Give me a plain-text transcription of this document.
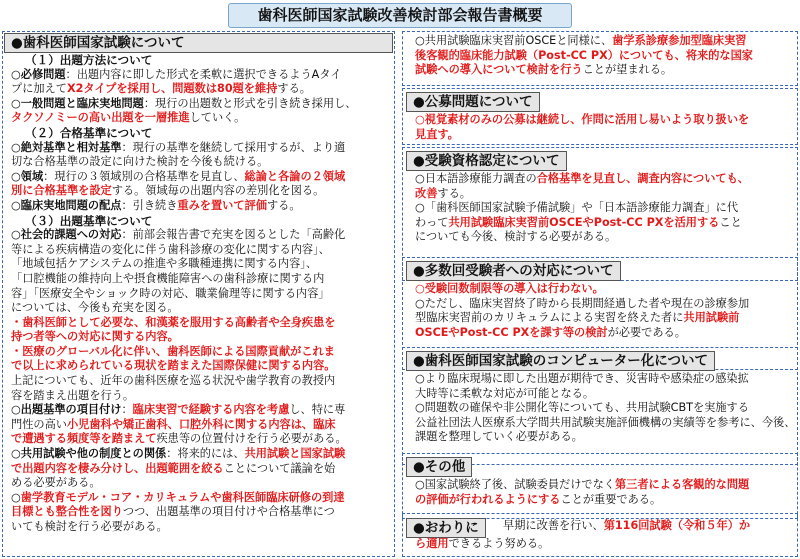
歯科医師国家試験改善検討部会報告書概要
●歯科医師国家試験について
（１）出題方法について
○必修問題：出題内容に即した形式を柔軟に選択できるようAタイ
プに加えてX2タイプを採用し、問題数は80題を維持する。
○一般問題と臨床実地問題：現行の出題数と形式を引き続き採用し、
タクソノミーの高い出題を一層推進していく。
（２）合格基準について
○絶対基準と相対基準：現行の基準を継続して採用するが、より適
切な合格基準の設定に向けた検討を今後も続ける。
○領域：現行の３領域別の合格基準を見直し、総論と各論の２領域
別に合格基準を設定する。領域毎の出題内容の差別化を図る。
○臨床実地問題の配点：引き続き重みを置いて評価する。
（３）出題基準について
○社会的課題への対応：前部会報告書で充実を図るとした「高齢化
等による疾病構造の変化に伴う歯科診療の変化に関する内容」、
「地域包括ケアシステムの推進や多職種連携に関する内容」、
「口腔機能の維持向上や摂食機能障害への歯科診療に関する内
容」「医療安全やショック時の対応、職業倫理等に関する内容」
については、今後も充実を図る。
・歯科医師として必要な、和漢薬を服用する高齢者や全身疾患を
持つ者等への対応に関する内容。
・医療のグローバル化に伴い、歯科医師による国際貢献がこれま
で以上に求められている現状を踏まえた国際保健に関する内容。
上記についても、近年の歯科医療を巡る状況や歯学教育の教授内
容を踏まえ出題を行う。
○出題基準の項目付け：臨床実習で経験する内容を考慮し、特に専
門性の高い小児歯科や矯正歯科、口腔外科に関する内容は、臨床
で遭遇する頻度等を踏まえて疾患等の位置付けを行う必要がある。
○共用試験や他の制度との関係：将来的には、共用試験と国家試験
で出題内容を棲み分けし、出題範囲を絞ることについて議論を始
める必要がある。
○歯学教育モデル・コア・カリキュラムや歯科医師臨床研修の到達
目標とも整合性を図りつつ、出題基準の項目付けや合格基準につ
いても検討を行う必要がある。
○共用試験臨床実習前OSCEと同様に、歯学系診療参加型臨床実習
後客観的臨床能力試験（Post-CC PX）についても、将来的な国家
試験への導入について検討を行うことが望まれる。
●公募問題について
○視覚素材のみの公募は継続し、作問に活用し易いよう取り扱いを
見直す。
●受験資格認定について
○日本語診療能力調査の合格基準を見直し、調査内容についても、
改善する。
○「歯科医師国家試験予備試験」や「日本語診療能力調査」に代
わって共用試験臨床実習前OSCEやPost-CC PXを活用すること
についても今後、検討する必要がある。
●多数回受験者への対応について
○受験回数制限等の導入は行わない。
○ただし、臨床実習終了時から長期間経過した者や現在の診療参加
型臨床実習前のカリキュラムによる実習を終えた者に共用試験前
OSCEやPost-CC PXを課す等の検討が必要である。
●歯科医師国家試験のコンピューター化について
○より臨床現場に即した出題が期待でき、災害時や感染症の感染拡
大時等に柔軟な対応が可能となる。
○問題数の確保や非公開化等についても、共用試験CBTを実施する
公益社団法人医療系大学間共用試験実施評価機構の実績等を参考に、今後、
課題を整理していく必要がある。
●その他
○国家試験終了後、試験委員だけでなく第三者による客観的な問題
の評価が行われるようにすることが重要である。
●おわりに	早期に改善を行い、第116回試験（令和５年）か
ら適用できるよう努める。
